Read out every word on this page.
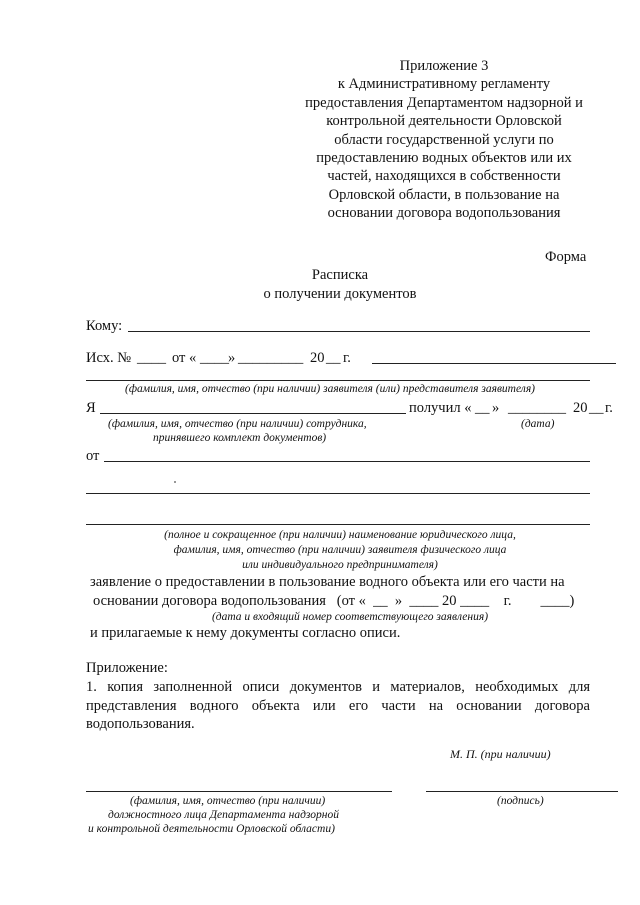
Приложение 3
к Административному регламенту
предоставления Департаментом надзорной и
контрольной деятельности Орловской
области государственной услуги по
предоставлению водных объектов или их
частей, находящихся в собственности
Орловской области, в пользование на
основании договора водопользования
Форма
Расписка
о получении документов
Кому:
Исх. № ____ от « ____ » _________ 20 __ г.
(фамилия, имя, отчество (при наличии) заявителя (или) представителя заявителя)
Я	получил « __ » ________ 20 __ г.
(фамилия, имя, отчество (при наличии) сотрудника,
принявшего комплект документов)
(дата)
от
(полное и сокращенное (при наличии) наименование юридического лица,
фамилия, имя, отчество (при наличии) заявителя физического лица
или индивидуального предпринимателя)
заявление о предоставлении в пользование водного объекта или его части на
основании договора водопользования   (от «  __  »  ____ 20 ____    г.        ____)
(дата и входящий номер соответствующего заявления)
и прилагаемые к нему документы согласно описи.
Приложение:
1. копия заполненной описи документов и материалов, необходимых для представления водного объекта или его части на основании договора водопользования.
М. П. (при наличии)
(фамилия, имя, отчество (при наличии)
должностного лица Департамента надзорной
и контрольной деятельности Орловской области)
(подпись)
